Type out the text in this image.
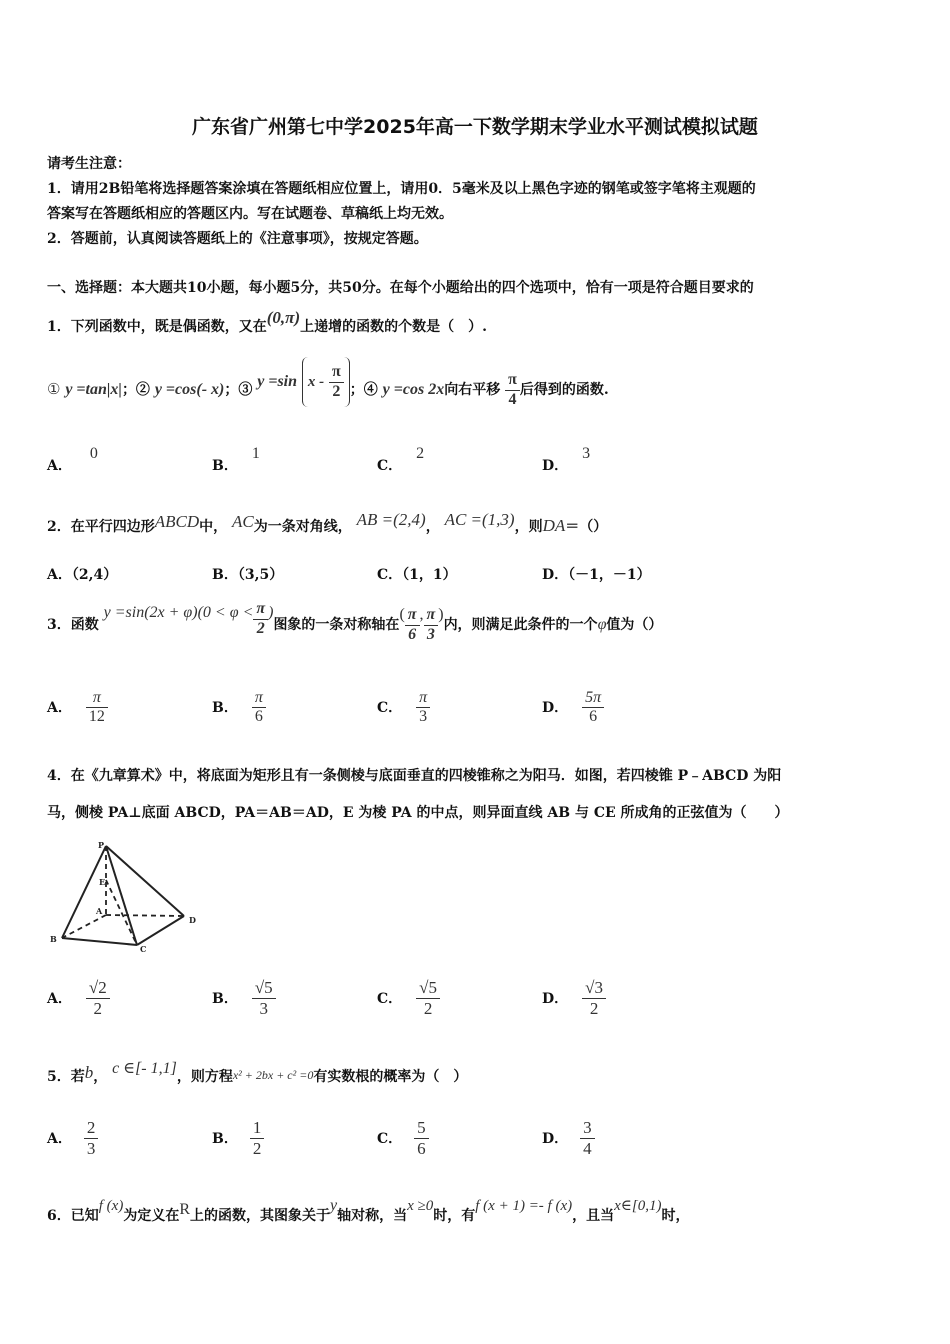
广东省广州第七中学2025年高一下数学期末学业水平测试模拟试题
请考生注意：
1．请用2B铅笔将选择题答案涂填在答题纸相应位置上，请用0．5毫米及以上黑色字迹的钢笔或签字笔将主观题的
答案写在答题纸相应的答题区内。写在试题卷、草稿纸上均无效。
2．答题前，认真阅读答题纸上的《注意事项》，按规定答题。
一、选择题：本大题共10小题，每小题5分，共50分。在每个小题给出的四个选项中，恰有一项是符合题目要求的
1．下列函数中，既是偶函数，又在(0,π)上递增的函数的个数是（　）.
① y =tan|x|；② y =cos(- x)；③ y =sin x - $\frac{\pi}{2}$ ；④ y =cos 2x向右平移 $\frac{\pi}{4}$ 后得到的函数.
A．0
B．1
C．2
D．3
2．在平行四边形ABCD中， AC为一条对角线， AB =(2,4)， AC =(1,3)，则DA＝（）
A．（2,4）	B．（3,5）	C．（1，1）	D．（－1，－1）
3．函数 $y =\sin(2x + \varphi)(0 < \varphi < \frac{\pi}{2}$ )图象的一条对称轴在( $\frac{\pi}{6}$ , $\frac{\pi}{3}$ )内，则满足此条件的一个φ值为（）
A． $\frac{\pi}{12}$	B． $\frac{\pi}{6}$	C． $\frac{\pi}{3}$	D． $\frac{5\pi}{6}$
4．在《九章算术》中，将底面为矩形且有一条侧棱与底面垂直的四棱锥称之为阳马．如图，若四棱锥 P﹣ABCD 为阳
马，侧棱 PA⊥底面 ABCD，PA＝AB＝AD，E 为棱 PA 的中点，则异面直线 AB 与 CE 所成角的正弦值为（　　）
P
E
A
B
C
D
A． $\frac{√2}{2}$	B． $\frac{√5}{3}$	C． $\frac{√5}{2}$	D． $\frac{√3}{2}$
5．若b， c ∈[- 1,1]，则方程x² + 2bx + c² =0有实数根的概率为（　）
A． $\frac{2}{3}$	B． $\frac{1}{2}$	C． $\frac{5}{6}$	D． $\frac{3}{4}$
6．已知f (x)为定义在R上的函数，其图象关于y轴对称，当x ≥0时，有f (x + 1) =- f (x)，且当x∈[0,1)时，
